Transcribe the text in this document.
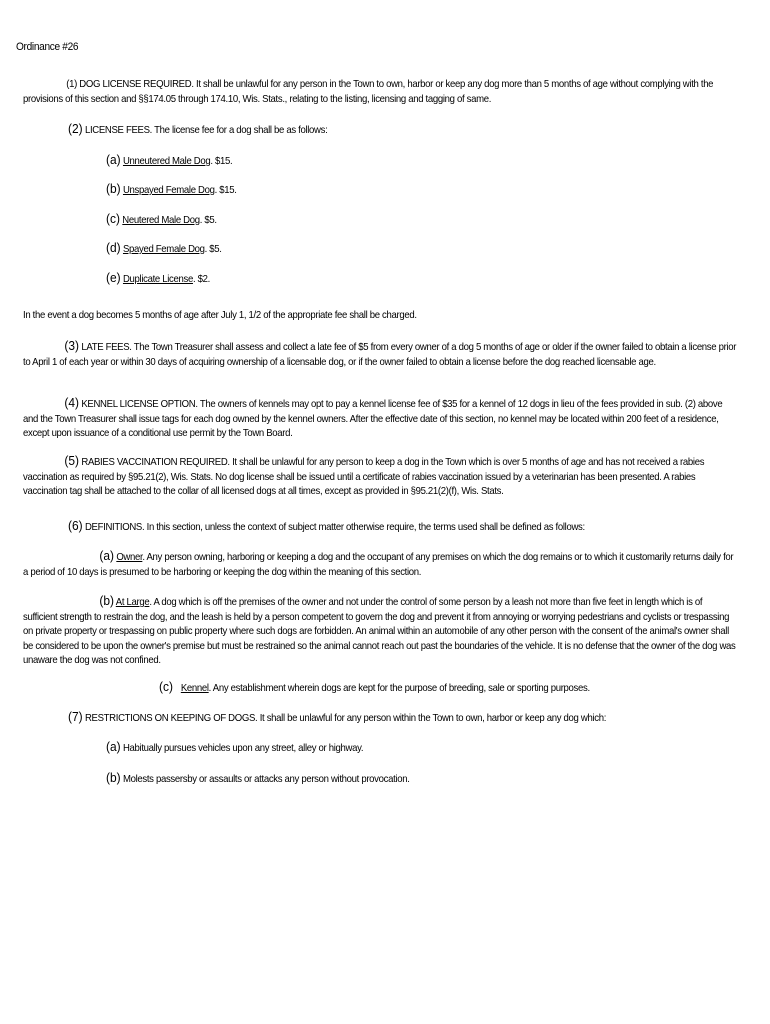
Ordinance #26

(1) DOG LICENSE REQUIRED. It shall be unlawful for any person in the Town to own, harbor or keep any dog more than 5 months of age without complying with the provisions of this section and §§174.05 through 174.10, Wis. Stats., relating to the listing, licensing and tagging of same.

(2) LICENSE FEES. The license fee for a dog shall be as follows:

(a) Unneutered Male Dog. $15.

(b) Unspayed Female Dog. $15.

(c) Neutered Male Dog. $5.

(d) Spayed Female Dog. $5.

(e) Duplicate License. $2.

In the event a dog becomes 5 months of age after July 1, 1/2 of the appropriate fee shall be charged.

(3) LATE FEES. The Town Treasurer shall assess and collect a late fee of $5 from every owner of a dog 5 months of age or older if the owner failed to obtain a license prior to April 1 of each year or within 30 days of acquiring ownership of a licensable dog, or if the owner failed to obtain a license before the dog reached licensable age.

(4) KENNEL LICENSE OPTION. The owners of kennels may opt to pay a kennel license fee of $35 for a kennel of 12 dogs in lieu of the fees provided in sub. (2) above and the Town Treasurer shall issue tags for each dog owned by the kennel owners. After the effective date of this section, no kennel may be located within 200 feet of a residence, except upon issuance of a conditional use permit by the Town Board.

(5) RABIES VACCINATION REQUIRED. It shall be unlawful for any person to keep a dog in the Town which is over 5 months of age and has not received a rabies vaccination as required by §95.21(2), Wis. Stats. No dog license shall be issued until a certificate of rabies vaccination issued by a veterinarian has been presented. A rabies vaccination tag shall be attached to the collar of all licensed dogs at all times, except as provided in §95.21(2)(f), Wis. Stats.

(6) DEFINITIONS. In this section, unless the context of subject matter otherwise require, the terms used shall be defined as follows:

(a) Owner. Any person owning, harboring or keeping a dog and the occupant of any premises on which the dog remains or to which it customarily returns daily for a period of 10 days is presumed to be harboring or keeping the dog within the meaning of this section.

(b) At Large. A dog which is off the premises of the owner and not under the control of some person by a leash not more than five feet in length which is of sufficient strength to restrain the dog, and the leash is held by a person competent to govern the dog and prevent it from annoying or worrying pedestrians and cyclists or trespassing on private property or trespassing on public property where such dogs are forbidden. An animal within an automobile of any other person with the consent of the animal's owner shall be considered to be upon the owner's premise but must be restrained so the animal cannot reach out past the boundaries of the vehicle. It is no defense that the owner of the dog was unaware the dog was not confined.

(c) Kennel. Any establishment wherein dogs are kept for the purpose of breeding, sale or sporting purposes.

(7) RESTRICTIONS ON KEEPING OF DOGS. It shall be unlawful for any person within the Town to own, harbor or keep any dog which:

(a) Habitually pursues vehicles upon any street, alley or highway.

(b) Molests passersby or assaults or attacks any person without provocation.
